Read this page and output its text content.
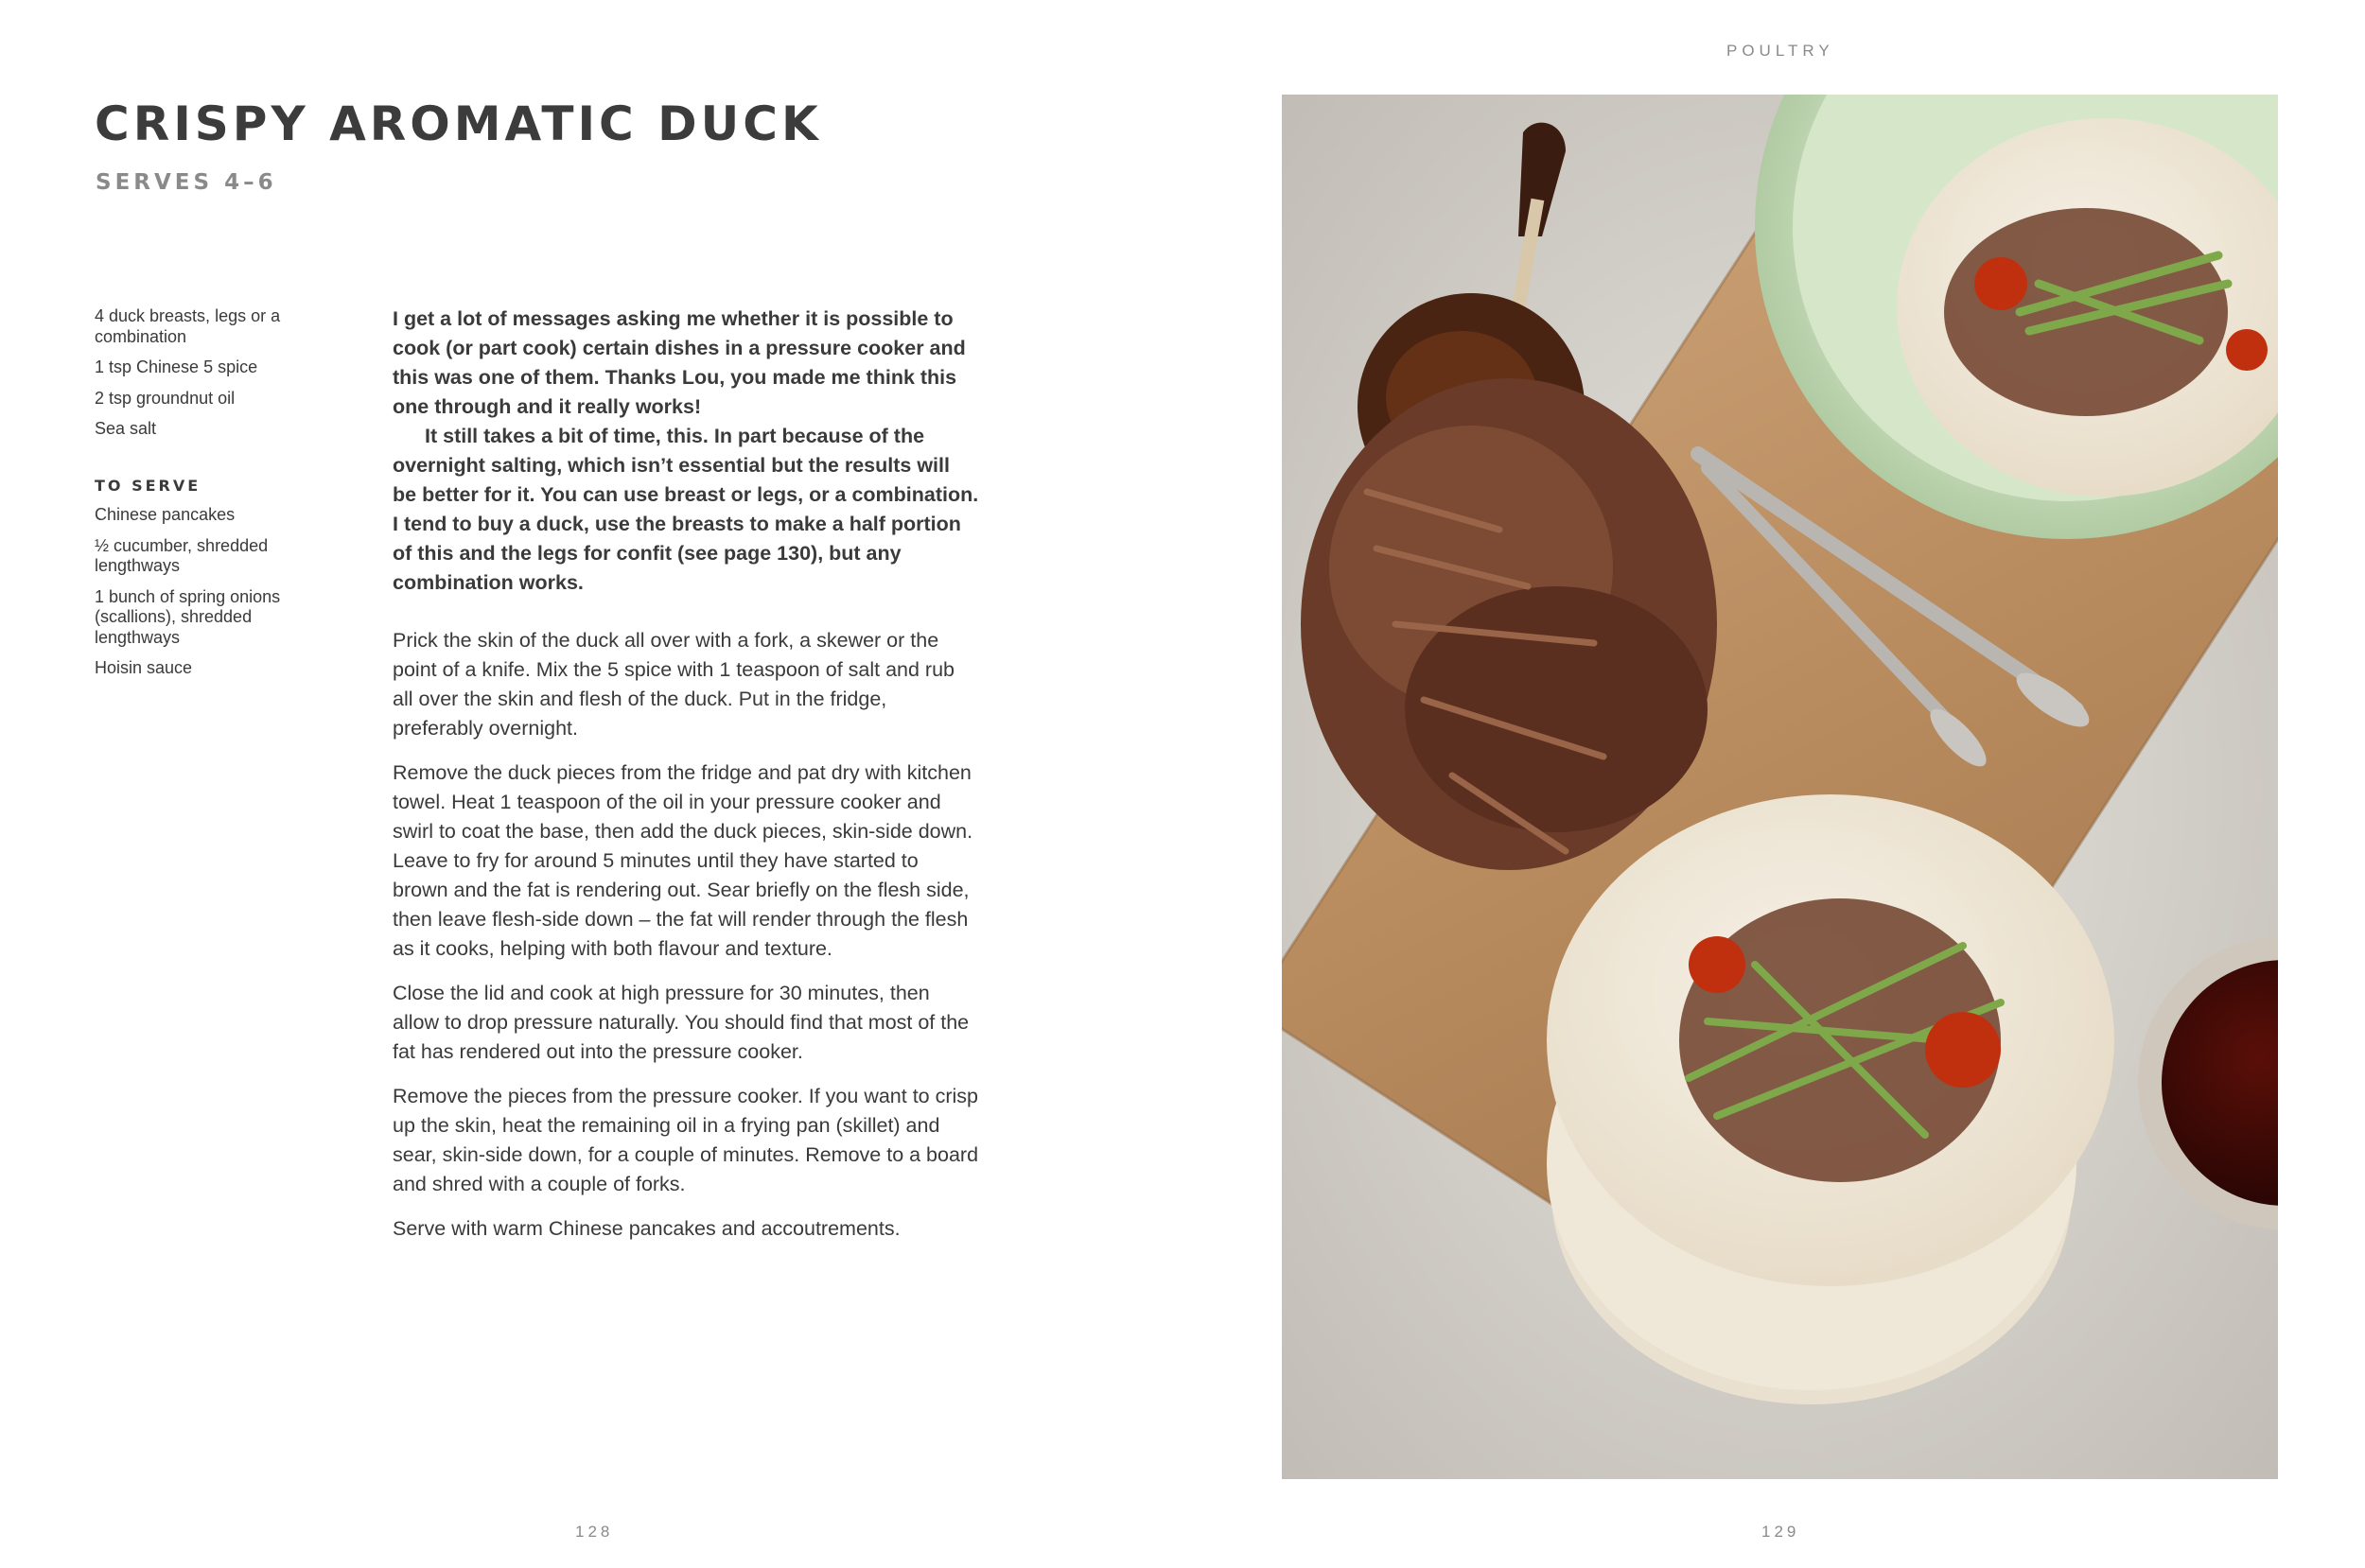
CRISPY AROMATIC DUCK
SERVES 4–6
4 duck breasts, legs or a combination
1 tsp Chinese 5 spice
2 tsp groundnut oil
Sea salt
TO SERVE
Chinese pancakes
½ cucumber, shredded lengthways
1 bunch of spring onions (scallions), shredded lengthways
Hoisin sauce

I get a lot of messages asking me whether it is possible to cook (or part cook) certain dishes in a pressure cooker and this was one of them. Thanks Lou, you made me think this one through and it really works!

It still takes a bit of time, this. In part because of the overnight salting, which isn’t essential but the results will be better for it. You can use breast or legs, or a combination. I tend to buy a duck, use the breasts to make a half portion of this and the legs for confit (see page 130), but any combination works.

Prick the skin of the duck all over with a fork, a skewer or the point of a knife. Mix the 5 spice with 1 teaspoon of salt and rub all over the skin and flesh of the duck. Put in the fridge, preferably overnight.

Remove the duck pieces from the fridge and pat dry with kitchen towel. Heat 1 teaspoon of the oil in your pressure cooker and swirl to coat the base, then add the duck pieces, skin-side down. Leave to fry for around 5 minutes until they have started to brown and the fat is rendering out. Sear briefly on the flesh side, then leave flesh-side down – the fat will render through the flesh as it cooks, helping with both flavour and texture.

Close the lid and cook at high pressure for 30 minutes, then allow to drop pressure naturally. You should find that most of the fat has rendered out into the pressure cooker.

Remove the pieces from the pressure cooker. If you want to crisp up the skin, heat the remaining oil in a frying pan (skillet) and sear, skin-side down, for a couple of minutes. Remove to a board and shred with a couple of forks.

Serve with warm Chinese pancakes and accoutrements.

128
POULTRY
129
